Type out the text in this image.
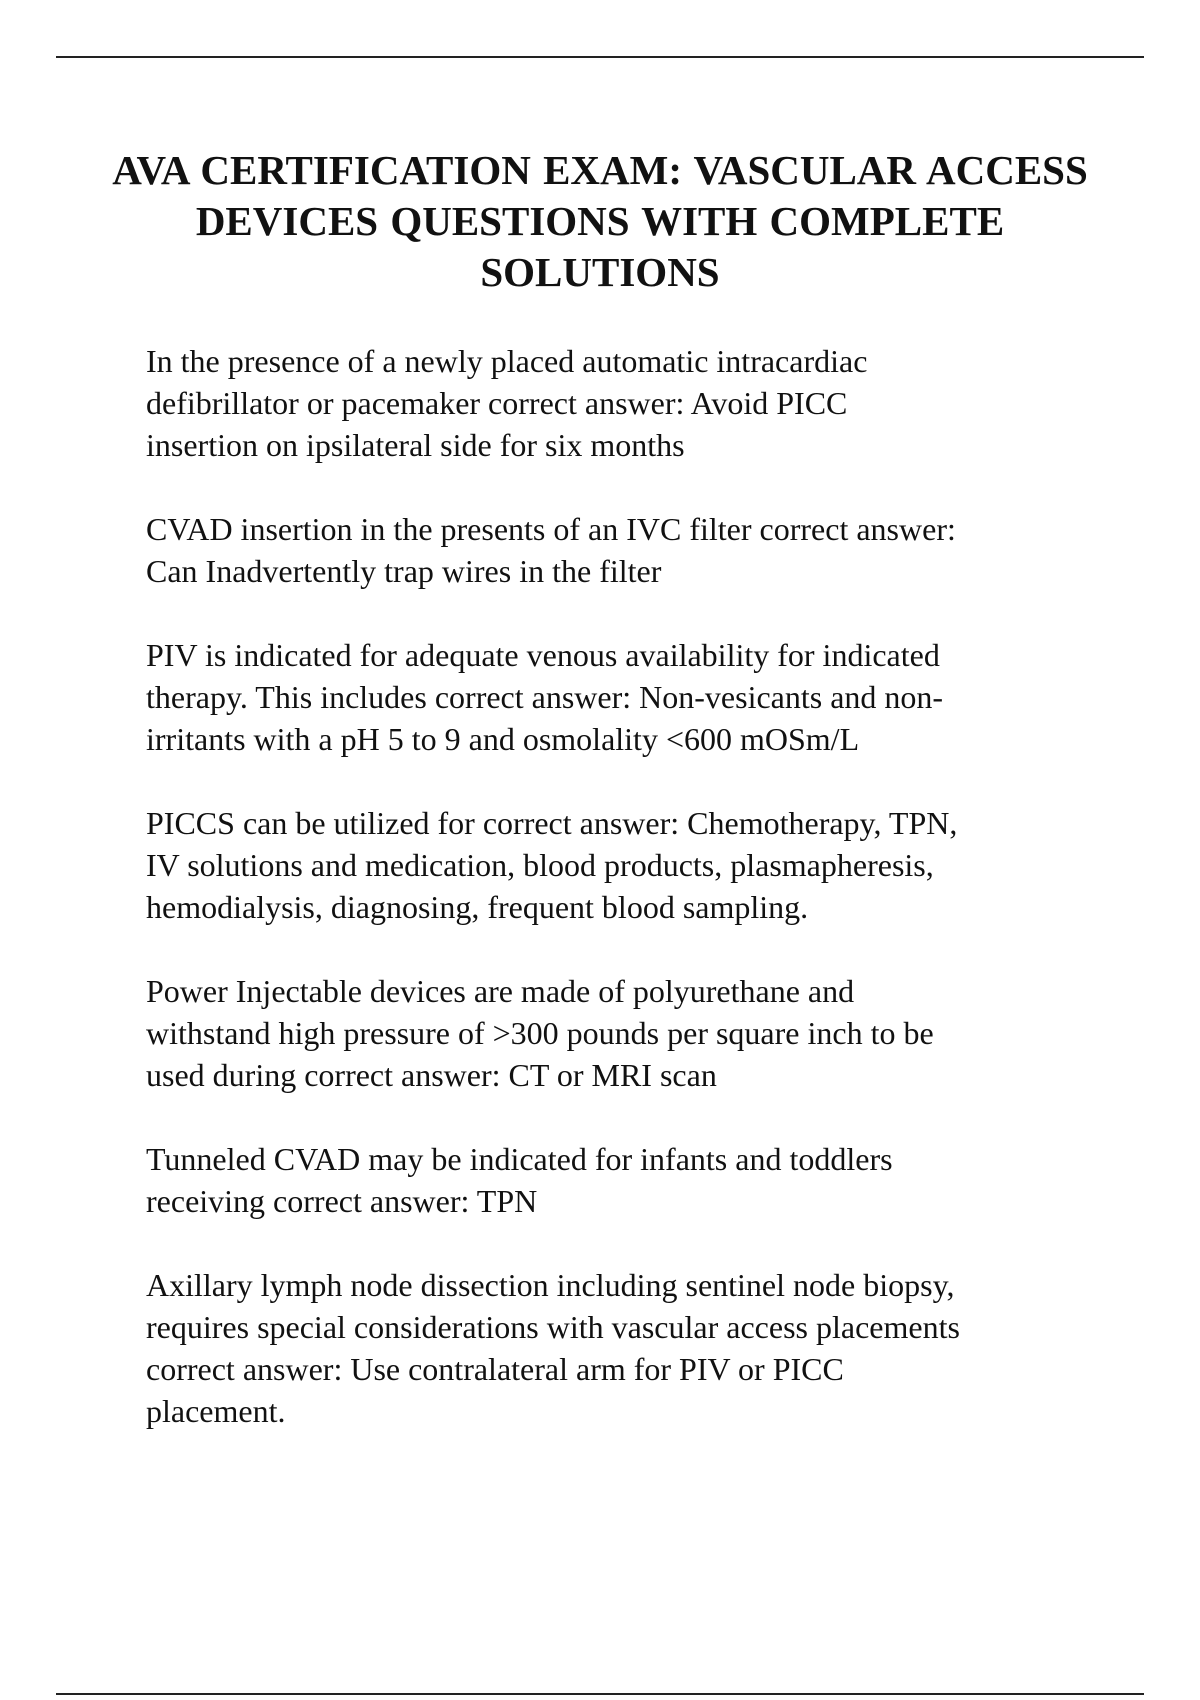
AVA CERTIFICATION EXAM: VASCULAR ACCESS DEVICES QUESTIONS WITH COMPLETE SOLUTIONS

In the presence of a newly placed automatic intracardiac
defibrillator or pacemaker correct answer: Avoid PICC
insertion on ipsilateral side for six months

CVAD insertion in the presents of an IVC filter correct answer:
Can Inadvertently trap wires in the filter

PIV is indicated for adequate venous availability for indicated
therapy. This includes correct answer: Non-vesicants and non-
irritants with a pH 5 to 9 and osmolality <600 mOSm/L

PICCS can be utilized for correct answer: Chemotherapy, TPN,
IV solutions and medication, blood products, plasmapheresis,
hemodialysis, diagnosing, frequent blood sampling.

Power Injectable devices are made of polyurethane and
withstand high pressure of >300 pounds per square inch to be
used during correct answer: CT or MRI scan

Tunneled CVAD may be indicated for infants and toddlers
receiving correct answer: TPN

Axillary lymph node dissection including sentinel node biopsy,
requires special considerations with vascular access placements
correct answer: Use contralateral arm for PIV or PICC
placement.
